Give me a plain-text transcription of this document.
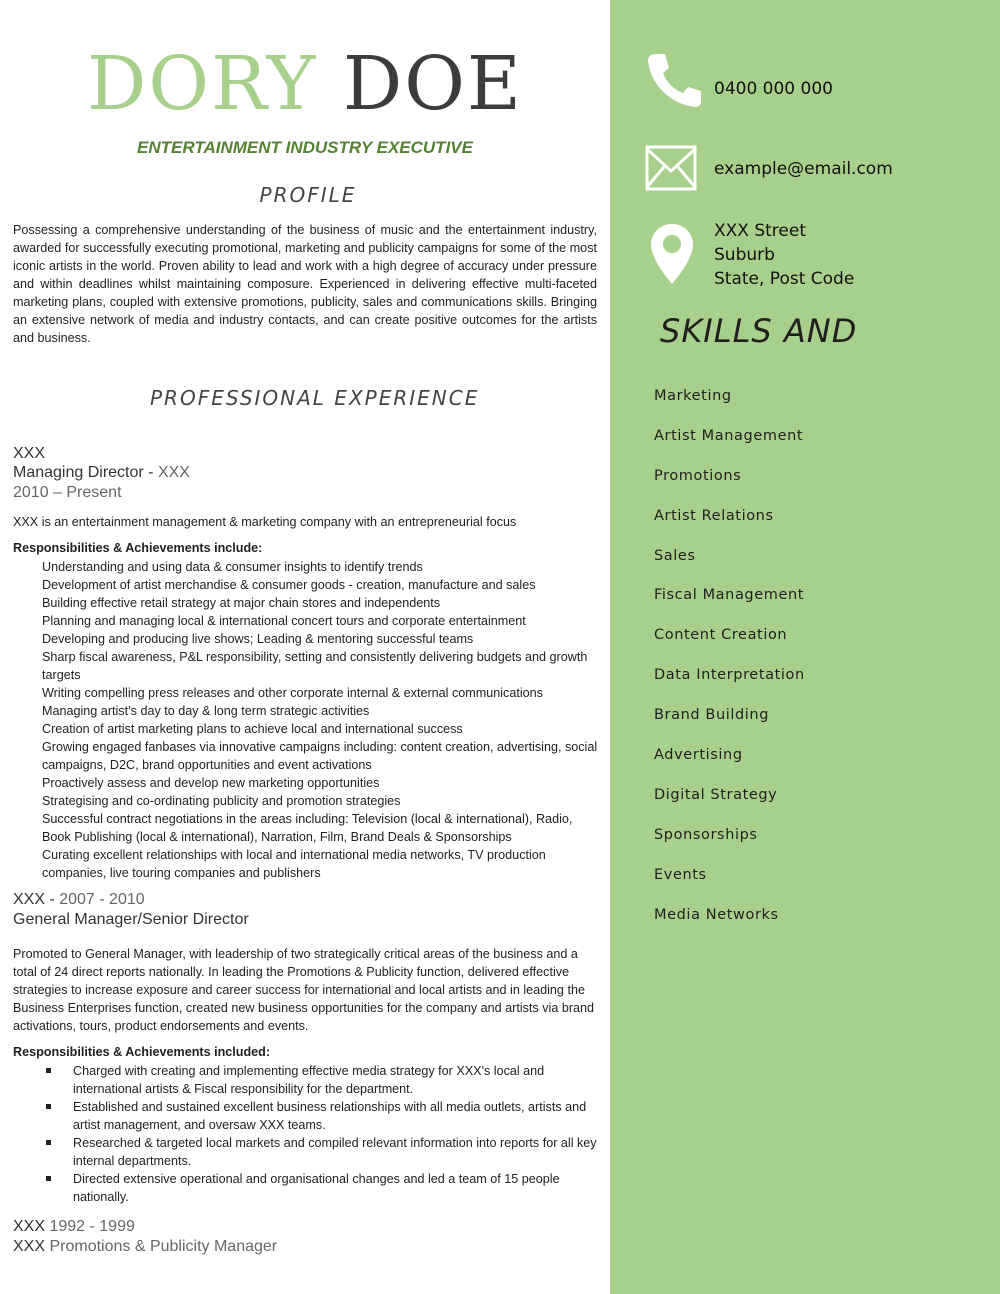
DORY DOE
ENTERTAINMENT INDUSTRY EXECUTIVE
PROFILE
Possessing a comprehensive understanding of the business of music and the entertainment industry, awarded for successfully executing promotional, marketing and publicity campaigns for some of the most iconic artists in the world. Proven ability to lead and work with a high degree of accuracy under pressure and within deadlines whilst maintaining composure. Experienced in delivering effective multi-faceted marketing plans, coupled with extensive promotions, publicity, sales and communications skills. Bringing an extensive network of media and industry contacts, and can create positive outcomes for the artists and business.
PROFESSIONAL EXPERIENCE
XXX
Managing Director - XXX
2010 – Present
XXX is an entertainment management & marketing company with an entrepreneurial focus
Responsibilities & Achievements include:
Understanding and using data & consumer insights to identify trends
Development of artist merchandise & consumer goods - creation, manufacture and sales
Building effective retail strategy at major chain stores and independents
Planning and managing local & international concert tours and corporate entertainment
Developing and producing live shows; Leading & mentoring successful teams
Sharp fiscal awareness, P&L responsibility, setting and consistently delivering budgets and growth targets
Writing compelling press releases and other corporate internal & external communications
Managing artist’s day to day & long term strategic activities
Creation of artist marketing plans to achieve local and international success
Growing engaged fanbases via innovative campaigns including: content creation, advertising, social campaigns, D2C, brand opportunities and event activations
Proactively assess and develop new marketing opportunities
Strategising and co-ordinating publicity and promotion strategies
Successful contract negotiations in the areas including: Television (local & international), Radio, Book Publishing (local & international), Narration, Film, Brand Deals & Sponsorships
Curating excellent relationships with local and international media networks, TV production companies, live touring companies and publishers
XXX - 2007 - 2010
General Manager/Senior Director
Promoted to General Manager, with leadership of two strategically critical areas of the business and a total of 24 direct reports nationally. In leading the Promotions & Publicity function, delivered effective strategies to increase exposure and career success for international and local artists and in leading the Business Enterprises function, created new business opportunities for the company and artists via brand activations, tours, product endorsements and events.
Responsibilities & Achievements included:
Charged with creating and implementing effective media strategy for XXX's local and international artists & Fiscal responsibility for the department.
Established and sustained excellent business relationships with all media outlets, artists and artist management, and oversaw XXX teams.
Researched & targeted local markets and compiled relevant information into reports for all key internal departments.
Directed extensive operational and organisational changes and led a team of 15 people nationally.
XXX 1992 - 1999
XXX Promotions & Publicity Manager
0400 000 000
example@email.com
XXX Street
Suburb
State, Post Code
SKILLS AND
Marketing
Artist Management
Promotions
Artist Relations
Sales
Fiscal Management
Content Creation
Data Interpretation
Brand Building
Advertising
Digital Strategy
Sponsorships
Events
Media Networks
